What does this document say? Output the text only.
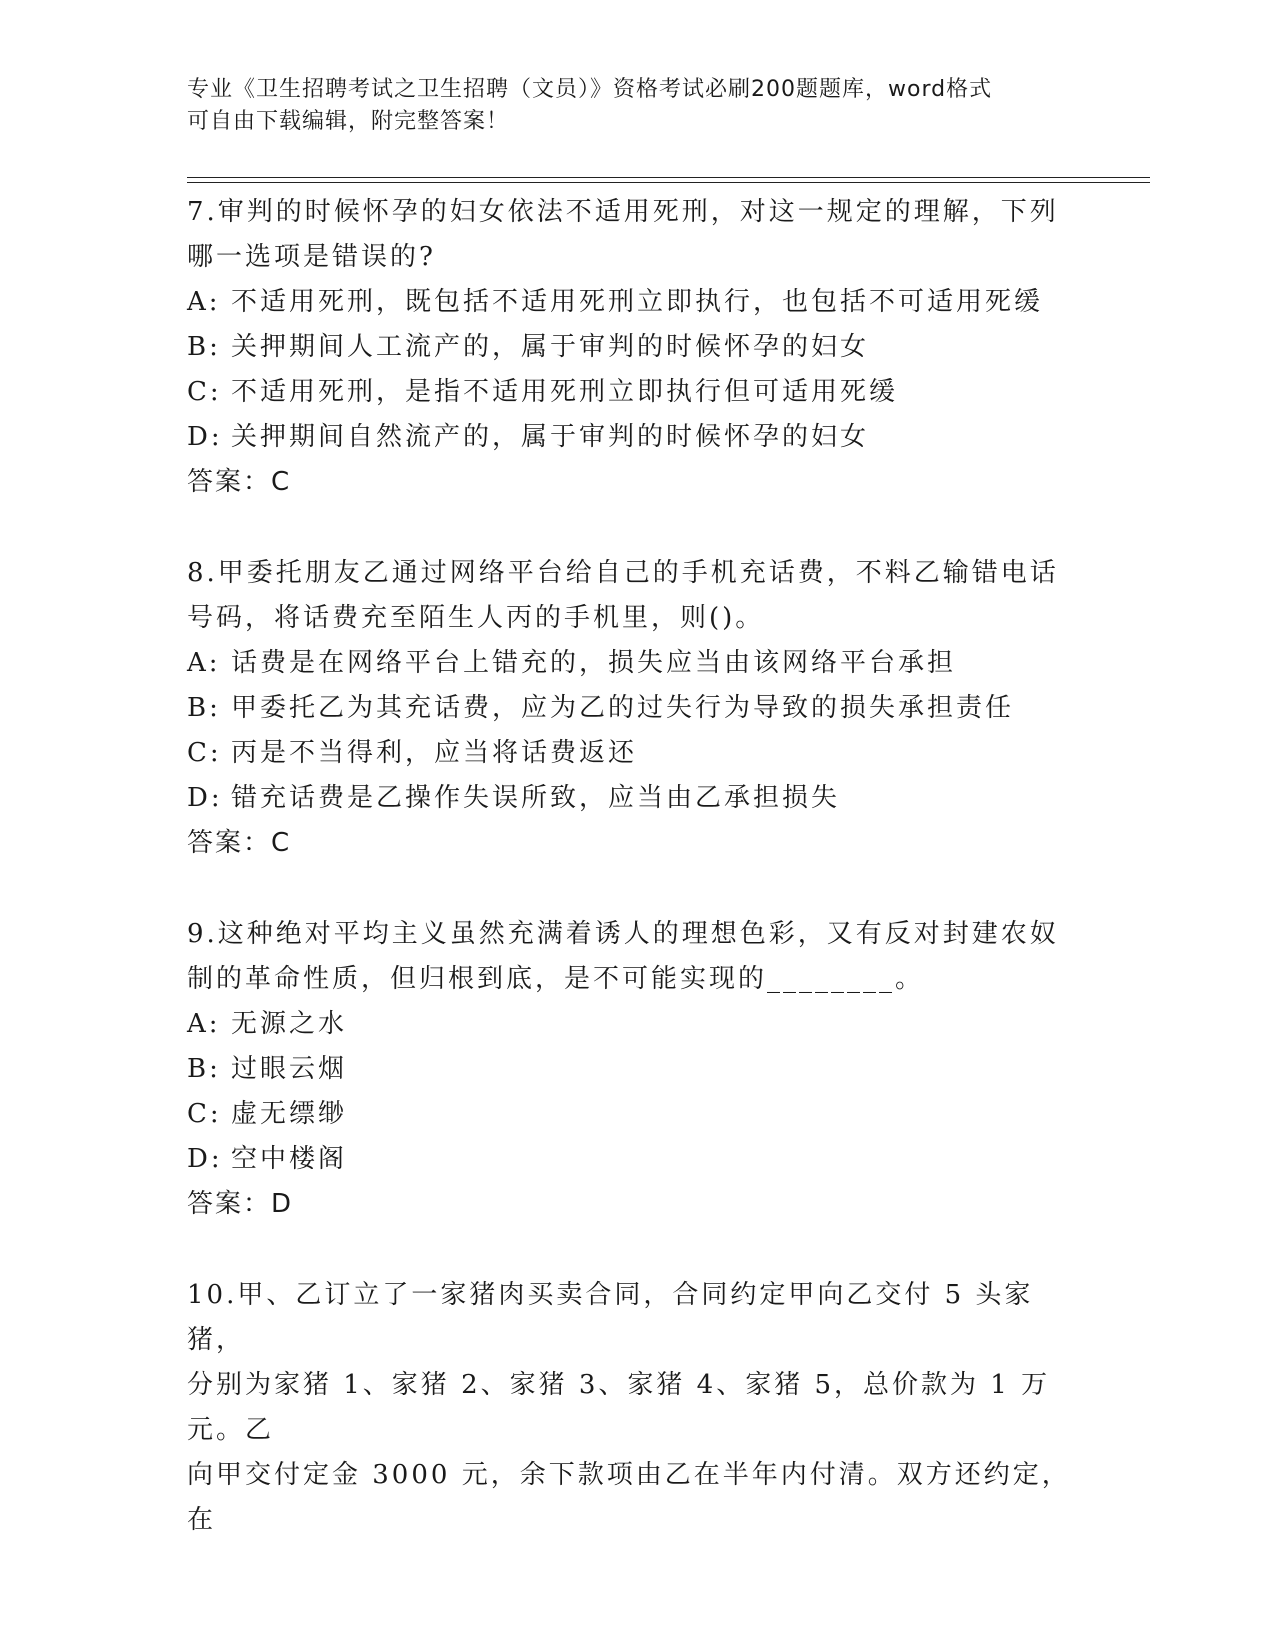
专业《卫生招聘考试之卫生招聘（文员）》资格考试必刷200题题库，word格式
可自由下载编辑，附完整答案！

7.审判的时候怀孕的妇女依法不适用死刑，对这一规定的理解，下列

哪一选项是错误的?

A: 不适用死刑，既包括不适用死刑立即执行，也包括不可适用死缓

B: 关押期间人工流产的，属于审判的时候怀孕的妇女

C: 不适用死刑，是指不适用死刑立即执行但可适用死缓

D: 关押期间自然流产的，属于审判的时候怀孕的妇女

答案：C

8.甲委托朋友乙通过网络平台给自己的手机充话费，不料乙输错电话

号码，将话费充至陌生人丙的手机里，则()。

A: 话费是在网络平台上错充的，损失应当由该网络平台承担

B: 甲委托乙为其充话费，应为乙的过失行为导致的损失承担责任

C: 丙是不当得利，应当将话费返还

D: 错充话费是乙操作失误所致，应当由乙承担损失

答案：C

9.这种绝对平均主义虽然充满着诱人的理想色彩，又有反对封建农奴

制的革命性质，但归根到底，是不可能实现的________。

A: 无源之水

B: 过眼云烟

C: 虚无缥缈

D: 空中楼阁

答案：D

10.甲、乙订立了一家猪肉买卖合同，合同约定甲向乙交付 5 头家猪，

分别为家猪 1、家猪 2、家猪 3、家猪 4、家猪 5，总价款为 1 万元。乙

向甲交付定金 3000 元，余下款项由乙在半年内付清。双方还约定，在
